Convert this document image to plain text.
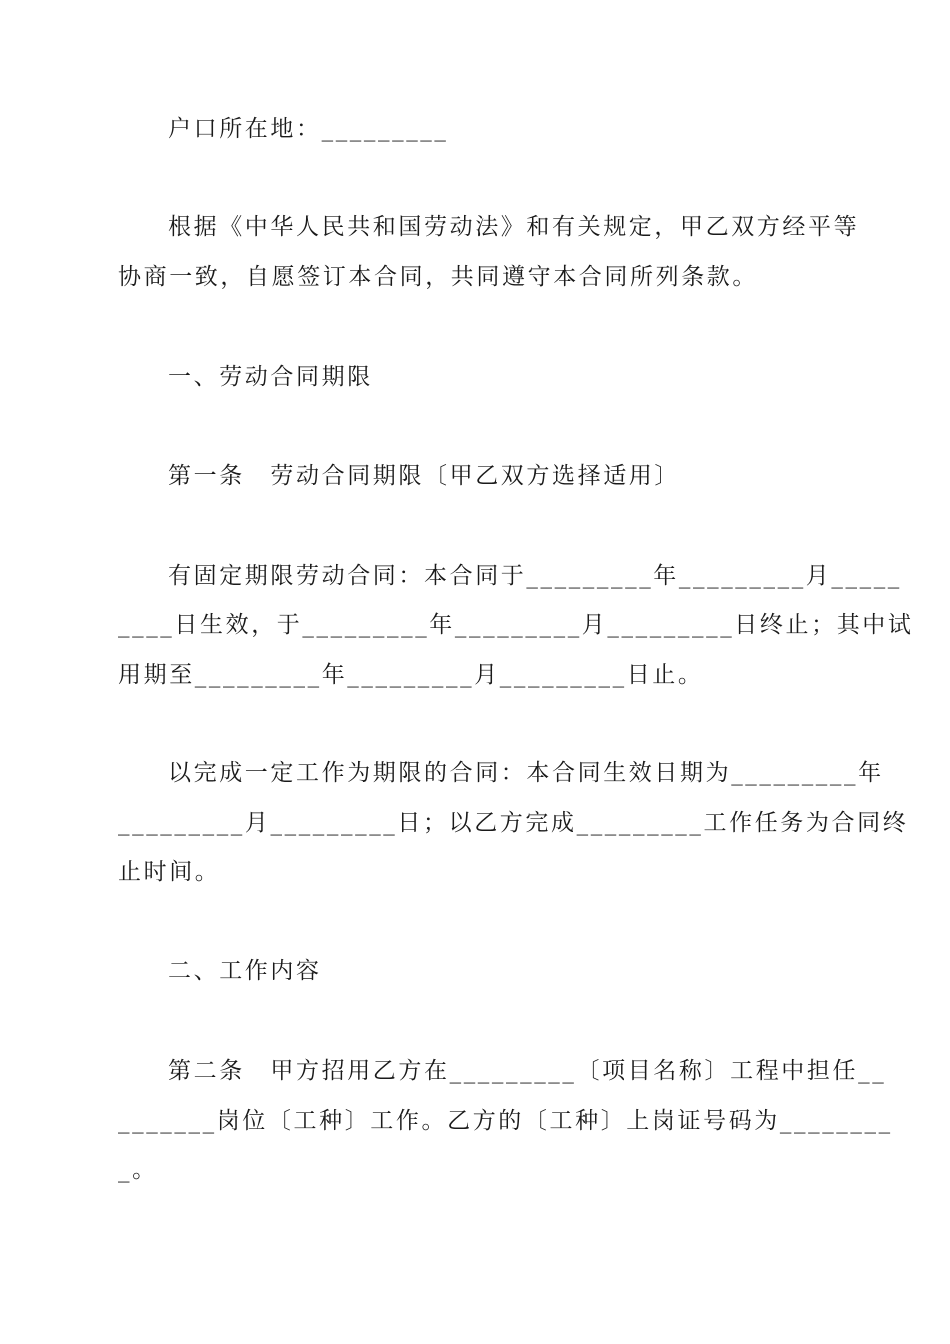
户口所在地：_________
根据《中华人民共和国劳动法》和有关规定，甲乙双方经平等
协商一致，自愿签订本合同，共同遵守本合同所列条款。
一、劳动合同期限
第一条　劳动合同期限〔甲乙双方选择适用〕
有固定期限劳动合同：本合同于_________年_________月_____
____日生效，于_________年_________月_________日终止；其中试
用期至_________年_________月_________日止。
以完成一定工作为期限的合同：本合同生效日期为_________年
_________月_________日；以乙方完成_________工作任务为合同终
止时间。
二、工作内容
第二条　甲方招用乙方在_________〔项目名称〕工程中担任__
_______岗位〔工种〕工作。乙方的〔工种〕上岗证号码为________
_。
